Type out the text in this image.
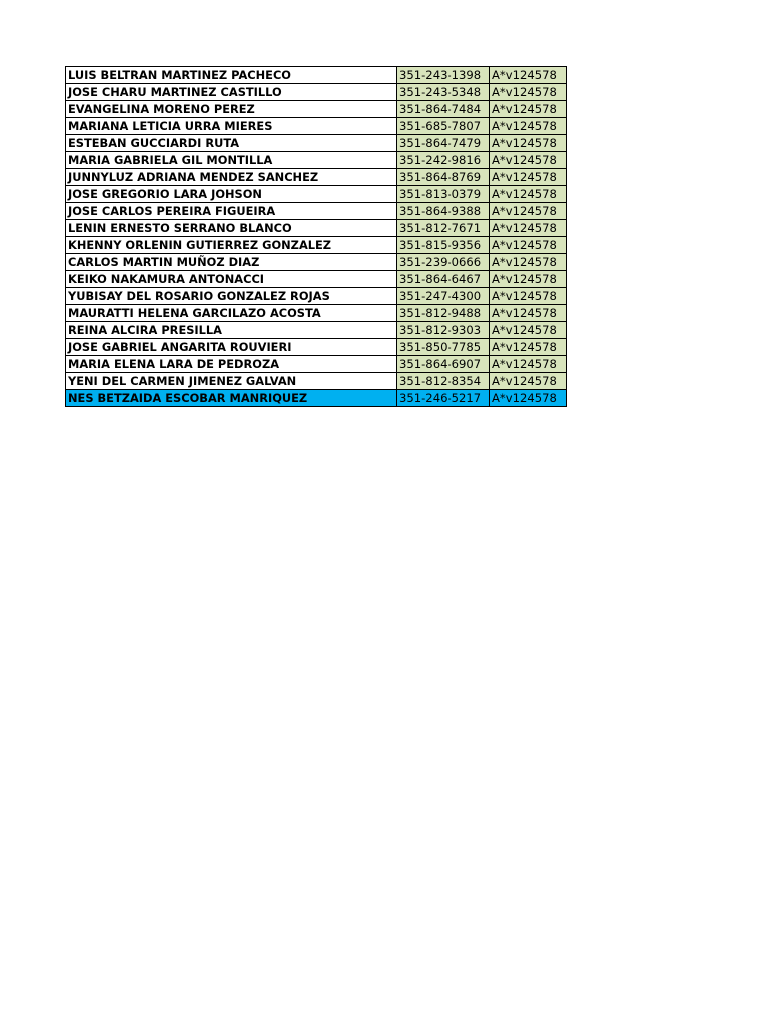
LUIS BELTRAN MARTINEZ PACHECO	351-243-1398	A*v124578
JOSE CHARU MARTINEZ CASTILLO	351-243-5348	A*v124578
EVANGELINA MORENO PEREZ	351-864-7484	A*v124578
MARIANA LETICIA URRA MIERES	351-685-7807	A*v124578
ESTEBAN GUCCIARDI RUTA	351-864-7479	A*v124578
MARIA GABRIELA GIL MONTILLA	351-242-9816	A*v124578
JUNNYLUZ ADRIANA MENDEZ SANCHEZ	351-864-8769	A*v124578
JOSE GREGORIO LARA JOHSON	351-813-0379	A*v124578
JOSE CARLOS PEREIRA FIGUEIRA	351-864-9388	A*v124578
LENIN ERNESTO SERRANO BLANCO	351-812-7671	A*v124578
KHENNY ORLENIN GUTIERREZ GONZALEZ	351-815-9356	A*v124578
CARLOS MARTIN MUÑOZ DIAZ	351-239-0666	A*v124578
KEIKO NAKAMURA ANTONACCI	351-864-6467	A*v124578
YUBISAY DEL ROSARIO GONZALEZ ROJAS	351-247-4300	A*v124578
MAURATTI HELENA GARCILAZO ACOSTA	351-812-9488	A*v124578
REINA ALCIRA PRESILLA	351-812-9303	A*v124578
JOSE GABRIEL ANGARITA ROUVIERI	351-850-7785	A*v124578
MARIA ELENA LARA DE PEDROZA	351-864-6907	A*v124578
YENI DEL CARMEN JIMENEZ GALVAN	351-812-8354	A*v124578
NES BETZAIDA ESCOBAR MANRIQUEZ	351-246-5217	A*v124578
